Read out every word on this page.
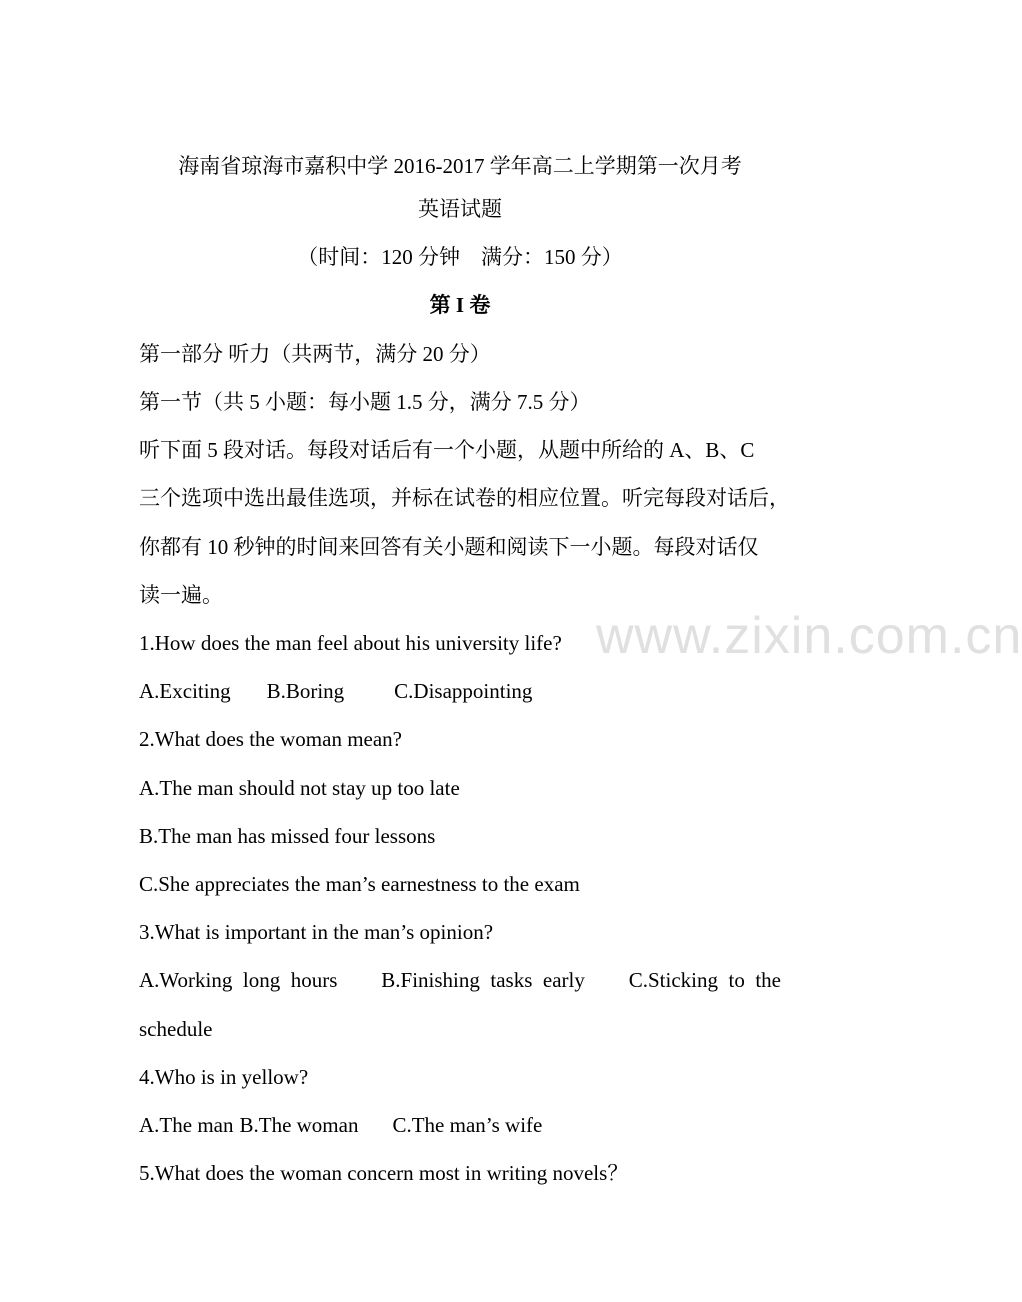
海南省琼海市嘉积中学 2016-2017 学年高二上学期第一次月考
英语试题
（时间：120 分钟　满分：150 分）
第 I 卷
第一部分 听力（共两节，满分 20 分）
第一节（共 5 小题：每小题 1.5 分，满分 7.5 分）
听下面 5 段对话。每段对话后有一个小题，从题中所给的 A、B、C
三个选项中选出最佳选项，并标在试卷的相应位置。听完每段对话后，
你都有 10 秒钟的时间来回答有关小题和阅读下一小题。每段对话仅
读一遍。
1.How does the man feel about his university life?
A.Exciting B.Boring C.Disappointing
2.What does the woman mean?
A.The man should not stay up too late
B.The man has missed four lessons
C.She appreciates the man’s earnestness to the exam
3.What is important in the man’s opinion?
A.Working  long  hours B.Finishing  tasks  early C.Sticking  to  the
schedule
4.Who is in yellow?
A.The man B.The woman C.The man’s wife
5.What does the woman concern most in writing novels？
www.zixin.com.cn
